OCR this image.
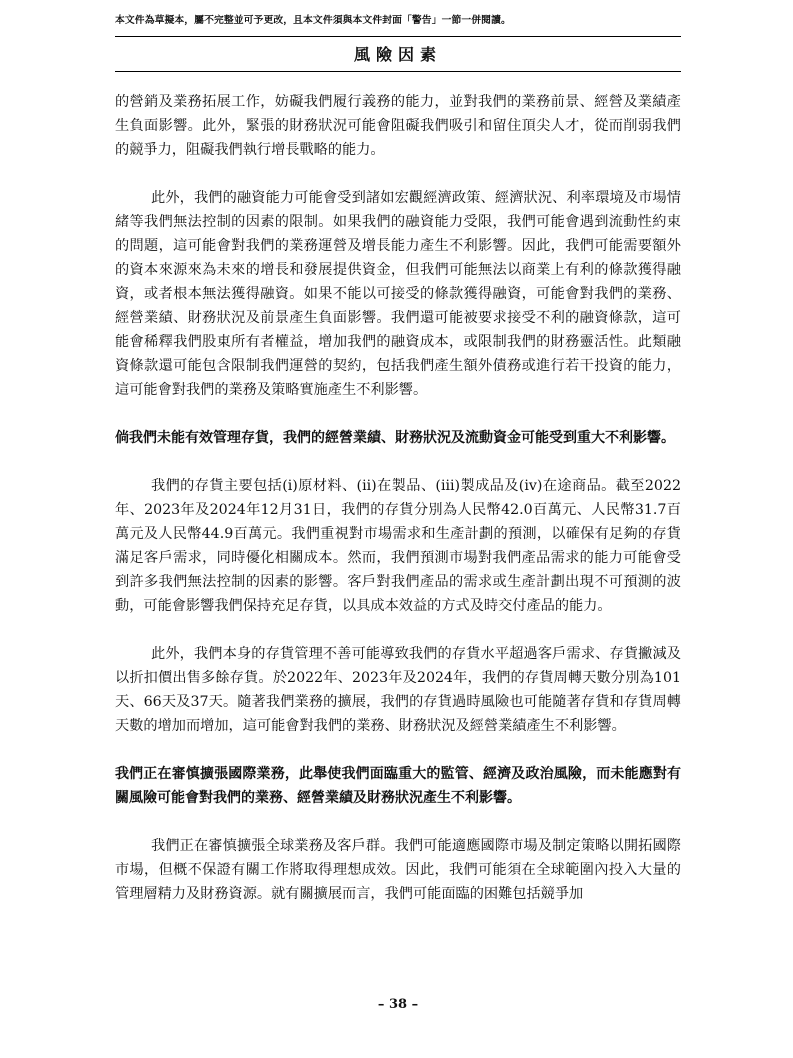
本文件為草擬本，屬不完整並可予更改，且本文件須與本文件封面「警告」一節一併閱讀。
風險因素

的營銷及業務拓展工作，妨礙我們履行義務的能力，並對我們的業務前景、經營及業績產生負面影響。此外，緊張的財務狀況可能會阻礙我們吸引和留住頂尖人才，從而削弱我們的競爭力，阻礙我們執行增長戰略的能力。

此外，我們的融資能力可能會受到諸如宏觀經濟政策、經濟狀況、利率環境及市場情緒等我們無法控制的因素的限制。如果我們的融資能力受限，我們可能會遇到流動性約束的問題，這可能會對我們的業務運營及增長能力產生不利影響。因此，我們可能需要額外的資本來源來為未來的增長和發展提供資金，但我們可能無法以商業上有利的條款獲得融資，或者根本無法獲得融資。如果不能以可接受的條款獲得融資，可能會對我們的業務、經營業績、財務狀況及前景產生負面影響。我們還可能被要求接受不利的融資條款，這可能會稀釋我們股東所有者權益，增加我們的融資成本，或限制我們的財務靈活性。此類融資條款還可能包含限制我們運營的契約，包括我們產生額外債務或進行若干投資的能力，這可能會對我們的業務及策略實施產生不利影響。

倘我們未能有效管理存貨，我們的經營業績、財務狀況及流動資金可能受到重大不利影響。

我們的存貨主要包括(i)原材料、(ii)在製品、(iii)製成品及(iv)在途商品。截至2022年、2023年及2024年12月31日，我們的存貨分別為人民幣42.0百萬元、人民幣31.7百萬元及人民幣44.9百萬元。我們重視對市場需求和生產計劃的預測，以確保有足夠的存貨滿足客戶需求，同時優化相關成本。然而，我們預測市場對我們產品需求的能力可能會受到許多我們無法控制的因素的影響。客戶對我們產品的需求或生產計劃出現不可預測的波動，可能會影響我們保持充足存貨，以具成本效益的方式及時交付產品的能力。

此外，我們本身的存貨管理不善可能導致我們的存貨水平超過客戶需求、存貨撇減及以折扣價出售多餘存貨。於2022年、2023年及2024年，我們的存貨周轉天數分別為101天、66天及37天。隨著我們業務的擴展，我們的存貨過時風險也可能隨著存貨和存貨周轉天數的增加而增加，這可能會對我們的業務、財務狀況及經營業績產生不利影響。

我們正在審慎擴張國際業務，此舉使我們面臨重大的監管、經濟及政治風險，而未能應對有關風險可能會對我們的業務、經營業績及財務狀況產生不利影響。

我們正在審慎擴張全球業務及客戶群。我們可能適應國際市場及制定策略以開拓國際市場，但概不保證有關工作將取得理想成效。因此，我們可能須在全球範圍內投入大量的管理層精力及財務資源。就有關擴展而言，我們可能面臨的困難包括競爭加

– 38 –
